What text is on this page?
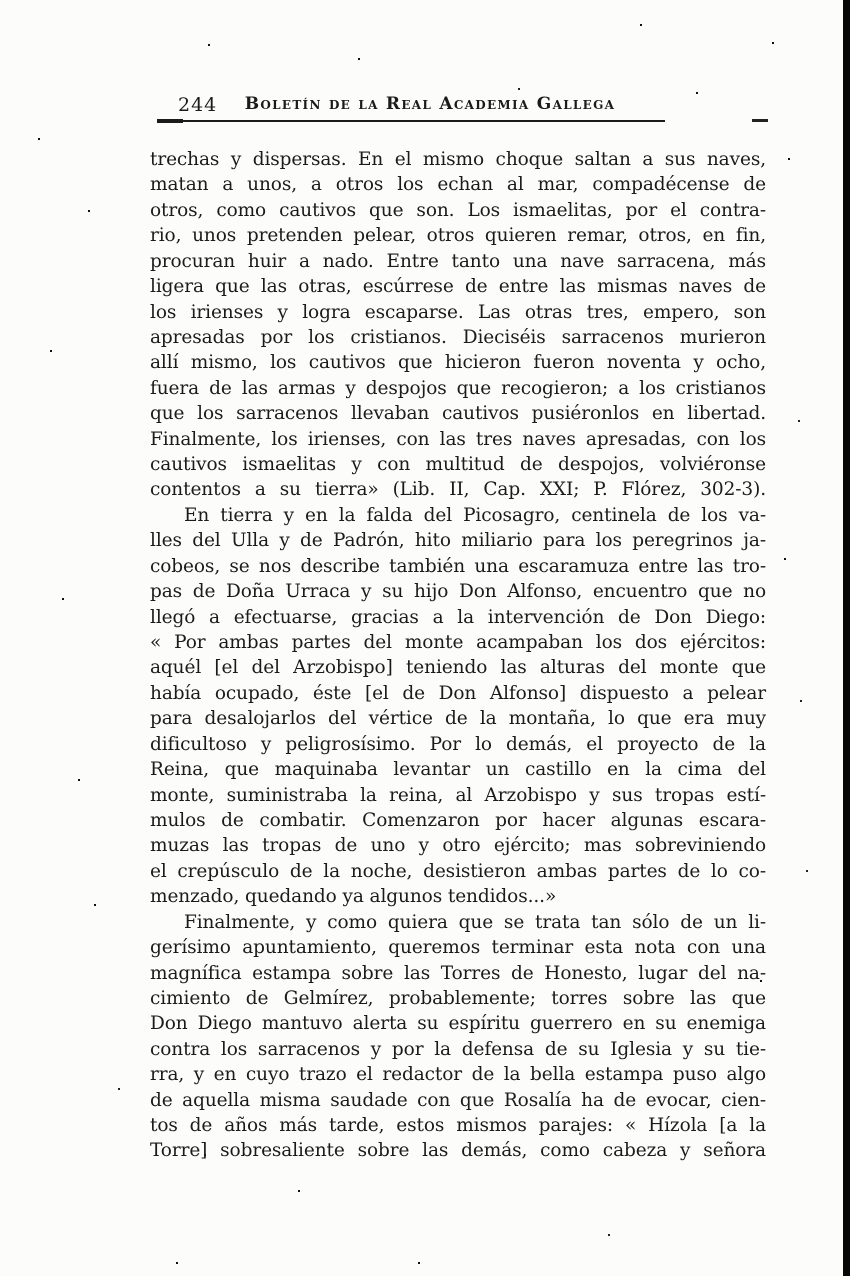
244	Boletín de la Real Academia Gallega
trechas y dispersas. En el mismo choque saltan a sus naves,
matan a unos, a otros los echan al mar, compadécense de
otros, como cautivos que son. Los ismaelitas, por el contra-
rio, unos pretenden pelear, otros quieren remar, otros, en fin,
procuran huir a nado. Entre tanto una nave sarracena, más
ligera que las otras, escúrrese de entre las mismas naves de
los irienses y logra escaparse. Las otras tres, empero, son
apresadas por los cristianos. Dieciséis sarracenos murieron
allí mismo, los cautivos que hicieron fueron noventa y ocho,
fuera de las armas y despojos que recogieron; a los cristianos
que los sarracenos llevaban cautivos pusiéronlos en libertad.
Finalmente, los irienses, con las tres naves apresadas, con los
cautivos ismaelitas y con multitud de despojos, volviéronse
contentos a su tierra» (Lib. II, Cap. XXI; P. Flórez, 302-3).
En tierra y en la falda del Picosagro, centinela de los va-
lles del Ulla y de Padrón, hito miliario para los peregrinos ja-
cobeos, se nos describe también una escaramuza entre las tro-
pas de Doña Urraca y su hijo Don Alfonso, encuentro que no
llegó a efectuarse, gracias a la intervención de Don Diego:
« Por ambas partes del monte acampaban los dos ejércitos:
aquél [el del Arzobispo] teniendo las alturas del monte que
había ocupado, éste [el de Don Alfonso] dispuesto a pelear
para desalojarlos del vértice de la montaña, lo que era muy
dificultoso y peligrosísimo. Por lo demás, el proyecto de la
Reina, que maquinaba levantar un castillo en la cima del
monte, suministraba la reina, al Arzobispo y sus tropas estí-
mulos de combatir. Comenzaron por hacer algunas escara-
muzas las tropas de uno y otro ejército; mas sobreviniendo
el crepúsculo de la noche, desistieron ambas partes de lo co-
menzado, quedando ya algunos tendidos...»
Finalmente, y como quiera que se trata tan sólo de un li-
gerísimo apuntamiento, queremos terminar esta nota con una
magnífica estampa sobre las Torres de Honesto, lugar del na-
cimiento de Gelmírez, probablemente; torres sobre las que
Don Diego mantuvo alerta su espíritu guerrero en su enemiga
contra los sarracenos y por la defensa de su Iglesia y su tie-
rra, y en cuyo trazo el redactor de la bella estampa puso algo
de aquella misma saudade con que Rosalía ha de evocar, cien-
tos de años más tarde, estos mismos parajes: « Hízola [a la
Torre] sobresaliente sobre las demás, como cabeza y señora
